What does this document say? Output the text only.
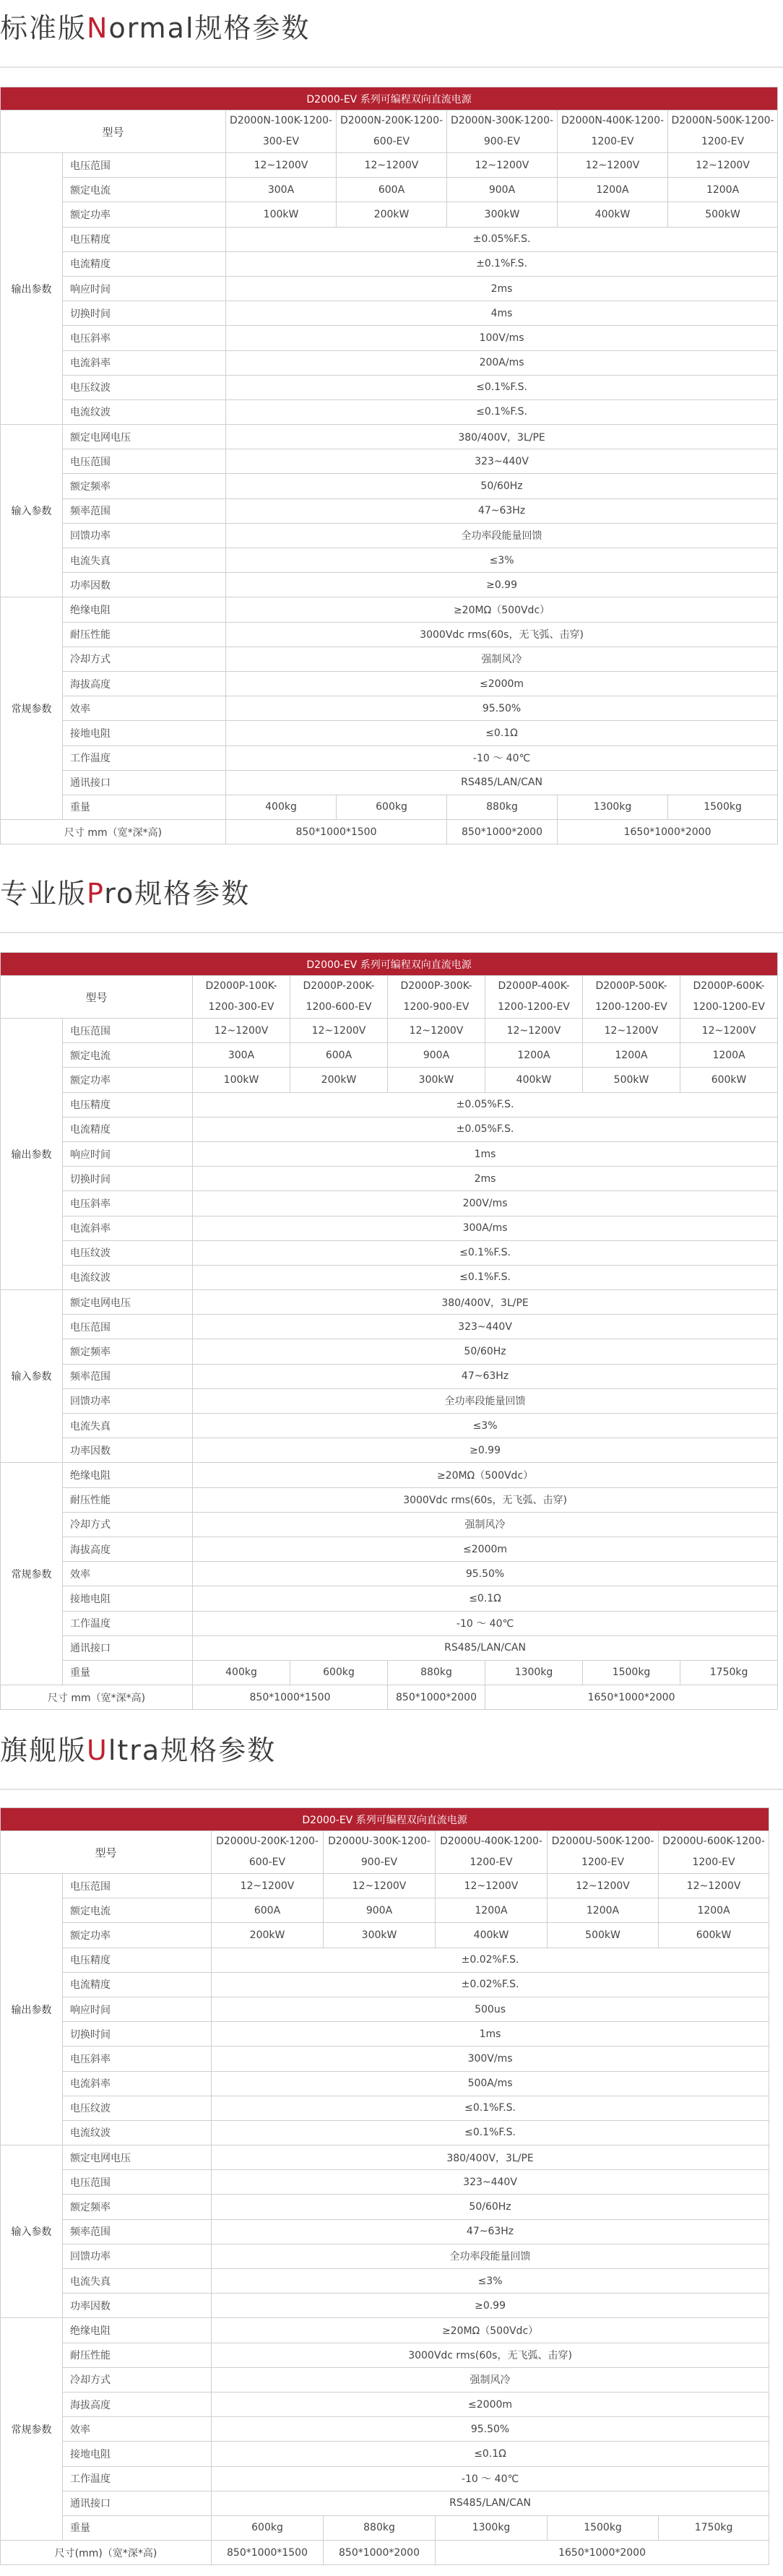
标准版Normal规格参数
D2000-EV 系列可编程双向直流电源						
型号		D2000N-100K-1200-300-EV	D2000N-200K-1200-600-EV	D2000N-300K-1200-900-EV	D2000N-400K-1200-1200-EV	D2000N-500K-1200-1200-EV
输出参数	电压范围	12~1200V	12~1200V	12~1200V	12~1200V	12~1200V
	额定电流	300A	600A	900A	1200A	1200A
	额定功率	100kW	200kW	300kW	400kW	500kW
	电压精度	±0.05%F.S.				
	电流精度	±0.1%F.S.				
	响应时间	2ms				
	切换时间	4ms				
	电压斜率	100V/ms				
	电流斜率	200A/ms				
	电压纹波	≤0.1%F.S.				
	电流纹波	≤0.1%F.S.				
输入参数	额定电网电压	380/400V，3L/PE				
	电压范围	323~440V				
	额定频率	50/60Hz				
	频率范围	47~63Hz				
	回馈功率	全功率段能量回馈				
	电流失真	≤3%				
	功率因数	≥0.99				
常规参数	绝缘电阻	≥20MΩ（500Vdc）				
	耐压性能	3000Vdc rms(60s，无飞弧、击穿)				
	冷却方式	强制风冷				
	海拔高度	≤2000m				
	效率	95.50%				
	接地电阻	≤0.1Ω				
	工作温度	-10 ～ 40℃				
	通讯接口	RS485/LAN/CAN				
	重量	400kg	600kg	880kg	1300kg	1500kg
尺寸 mm（宽*深*高)		850*1000*1500		850*1000*2000	1650*1000*2000	
专业版Pro规格参数
D2000-EV 系列可编程双向直流电源							
型号		D2000P-100K-1200-300-EV	D2000P-200K-1200-600-EV	D2000P-300K-1200-900-EV	D2000P-400K-1200-1200-EV	D2000P-500K-1200-1200-EV	D2000P-600K-1200-1200-EV
输出参数	电压范围	12~1200V	12~1200V	12~1200V	12~1200V	12~1200V	12~1200V
	额定电流	300A	600A	900A	1200A	1200A	1200A
	额定功率	100kW	200kW	300kW	400kW	500kW	600kW
	电压精度	±0.05%F.S.					
	电流精度	±0.05%F.S.					
	响应时间	1ms					
	切换时间	2ms					
	电压斜率	200V/ms					
	电流斜率	300A/ms					
	电压纹波	≤0.1%F.S.					
	电流纹波	≤0.1%F.S.					
输入参数	额定电网电压	380/400V，3L/PE					
	电压范围	323~440V					
	额定频率	50/60Hz					
	频率范围	47~63Hz					
	回馈功率	全功率段能量回馈					
	电流失真	≤3%					
	功率因数	≥0.99					
常规参数	绝缘电阻	≥20MΩ（500Vdc）					
	耐压性能	3000Vdc rms(60s，无飞弧、击穿)					
	冷却方式	强制风冷					
	海拔高度	≤2000m					
	效率	95.50%					
	接地电阻	≤0.1Ω					
	工作温度	-10 ～ 40℃					
	通讯接口	RS485/LAN/CAN					
	重量	400kg	600kg	880kg	1300kg	1500kg	1750kg
尺寸 mm（宽*深*高)		850*1000*1500		850*1000*2000	1650*1000*2000		
旗舰版Ultra规格参数
D2000-EV 系列可编程双向直流电源						
型号		D2000U-200K-1200-600-EV	D2000U-300K-1200-900-EV	D2000U-400K-1200-1200-EV	D2000U-500K-1200-1200-EV	D2000U-600K-1200-1200-EV
输出参数	电压范围	12~1200V	12~1200V	12~1200V	12~1200V	12~1200V
	额定电流	600A	900A	1200A	1200A	1200A
	额定功率	200kW	300kW	400kW	500kW	600kW
	电压精度	±0.02%F.S.				
	电流精度	±0.02%F.S.				
	响应时间	500us				
	切换时间	1ms				
	电压斜率	300V/ms				
	电流斜率	500A/ms				
	电压纹波	≤0.1%F.S.				
	电流纹波	≤0.1%F.S.				
输入参数	额定电网电压	380/400V，3L/PE				
	电压范围	323~440V				
	额定频率	50/60Hz				
	频率范围	47~63Hz				
	回馈功率	全功率段能量回馈				
	电流失真	≤3%				
	功率因数	≥0.99				
常规参数	绝缘电阻	≥20MΩ（500Vdc）				
	耐压性能	3000Vdc rms(60s，无飞弧、击穿)				
	冷却方式	强制风冷				
	海拔高度	≤2000m				
	效率	95.50%				
	接地电阻	≤0.1Ω				
	工作温度	-10 ～ 40℃				
	通讯接口	RS485/LAN/CAN				
	重量	600kg	880kg	1300kg	1500kg	1750kg
尺寸(mm)（宽*深*高)		850*1000*1500	850*1000*2000	1650*1000*2000		
